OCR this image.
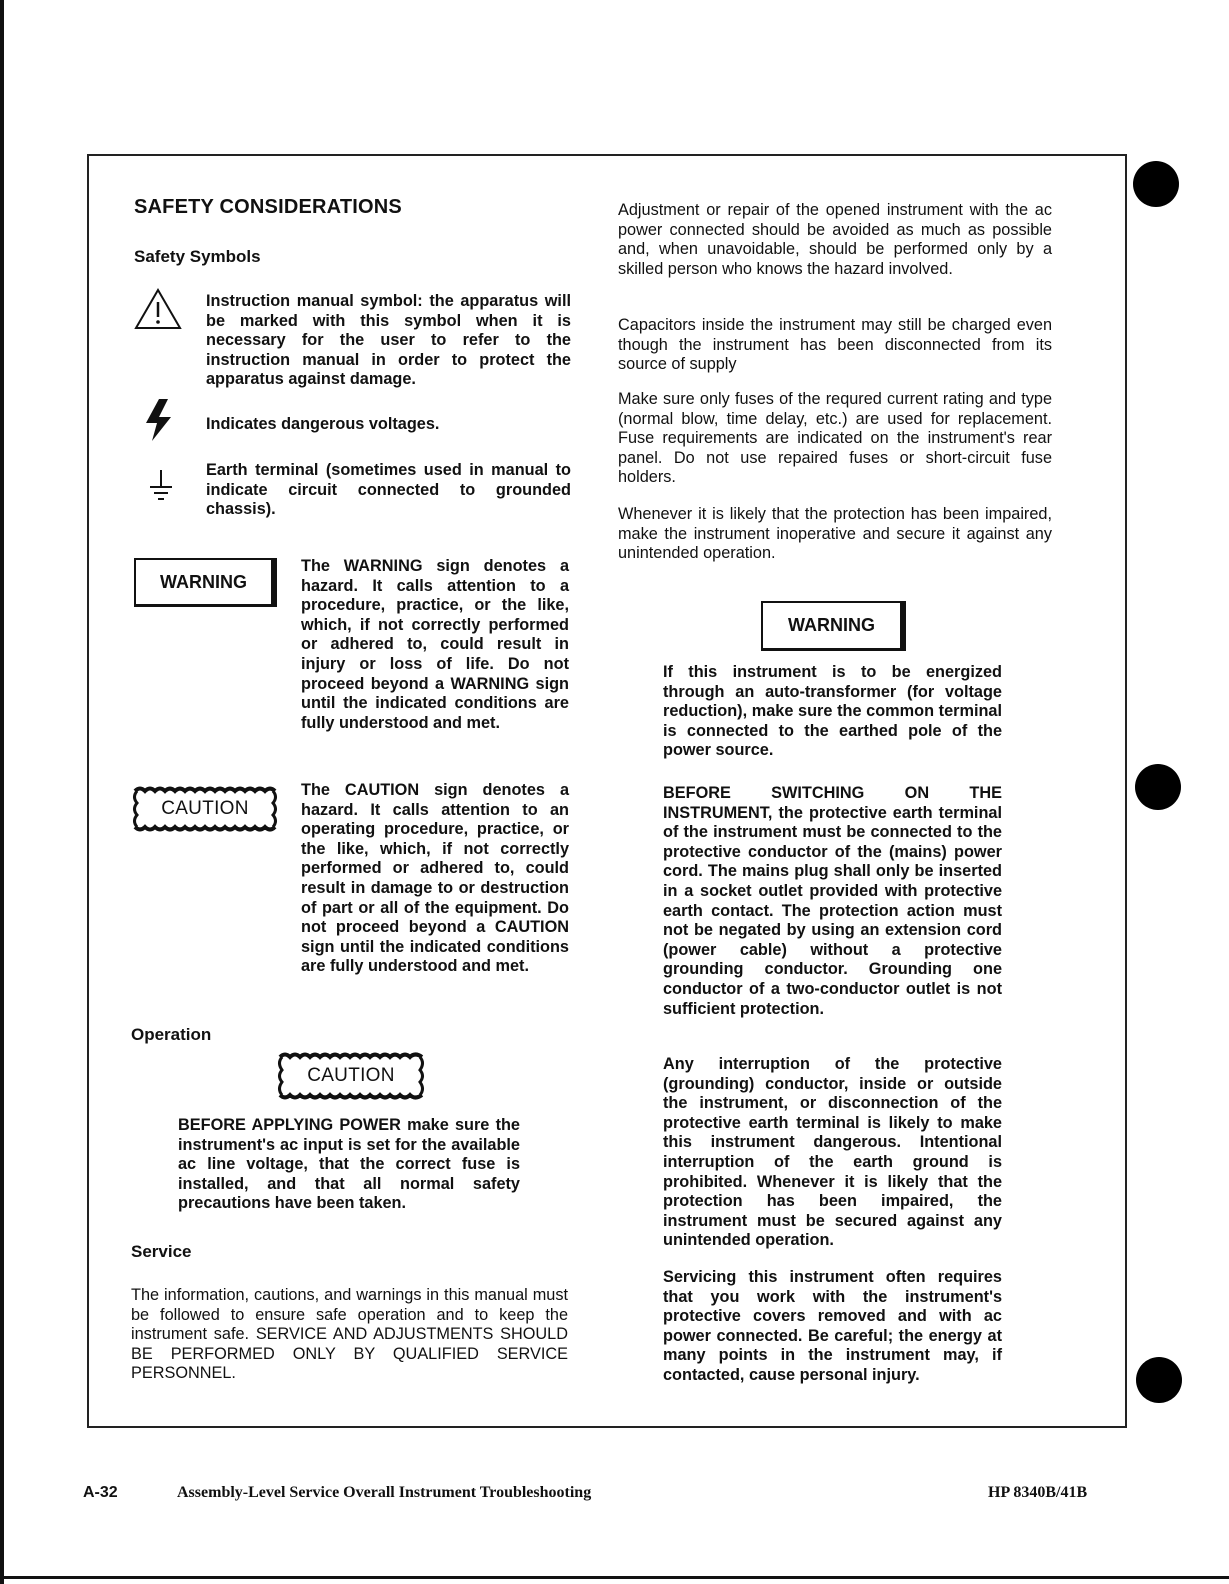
SAFETY CONSIDERATIONS
Safety Symbols
Instruction manual symbol: the apparatus will be marked with this symbol when it is necessary for the user to refer to the instruction manual in order to protect the apparatus against damage.
Indicates dangerous voltages.
Earth terminal (sometimes used in manual to indicate circuit connected to grounded chassis).
WARNING
The WARNING sign denotes a hazard. It calls attention to a procedure, practice, or the like, which, if not correctly performed or adhered to, could result in injury or loss of life. Do not proceed beyond a WARNING sign until the indicated conditions are fully understood and met.
CAUTION
The CAUTION sign denotes a hazard. It calls attention to an operating procedure, practice, or the like, which, if not correctly performed or adhered to, could result in damage to or destruction of part or all of the equipment. Do not proceed beyond a CAUTION sign until the indicated conditions are fully understood and met.
Operation
CAUTION
BEFORE APPLYING POWER make sure the instrument's ac input is set for the available ac line voltage, that the correct fuse is installed, and that all normal safety precautions have been taken.
Service
The information, cautions, and warnings in this manual must be followed to ensure safe operation and to keep the instrument safe. SERVICE AND ADJUSTMENTS SHOULD BE PERFORMED ONLY BY QUALIFIED SERVICE PERSONNEL.
Adjustment or repair of the opened instrument with the ac power connected should be avoided as much as possible and, when unavoidable, should be performed only by a skilled person who knows the hazard involved.
Capacitors inside the instrument may still be charged even though the instrument has been disconnected from its source of supply
Make sure only fuses of the requred current rating and type (normal blow, time delay, etc.) are used for replacement. Fuse requirements are indicated on the instrument's rear panel. Do not use repaired fuses or short-circuit fuse holders.
Whenever it is likely that the protection has been impaired, make the instrument inoperative and secure it against any unintended operation.
WARNING
If this instrument is to be energized through an auto-transformer (for voltage reduction), make sure the common terminal is connected to the earthed pole of the power source.
BEFORE SWITCHING ON THE INSTRUMENT, the protective earth terminal of the instrument must be connected to the protective conductor of the (mains) power cord. The mains plug shall only be inserted in a socket outlet provided with protective earth contact. The protection action must not be negated by using an extension cord (power cable) without a protective grounding conductor. Grounding one conductor of a two-conductor outlet is not sufficient protection.
Any interruption of the protective (grounding) conductor, inside or outside the instrument, or disconnection of the protective earth terminal is likely to make this instrument dangerous. Intentional interruption of the earth ground is prohibited. Whenever it is likely that the protection has been impaired, the instrument must be secured against any unintended operation.
Servicing this instrument often requires that you work with the instrument's protective covers removed and with ac power connected. Be careful; the energy at many points in the instrument may, if contacted, cause personal injury.
A-32	Assembly-Level Service Overall Instrument Troubleshooting	HP 8340B/41B
